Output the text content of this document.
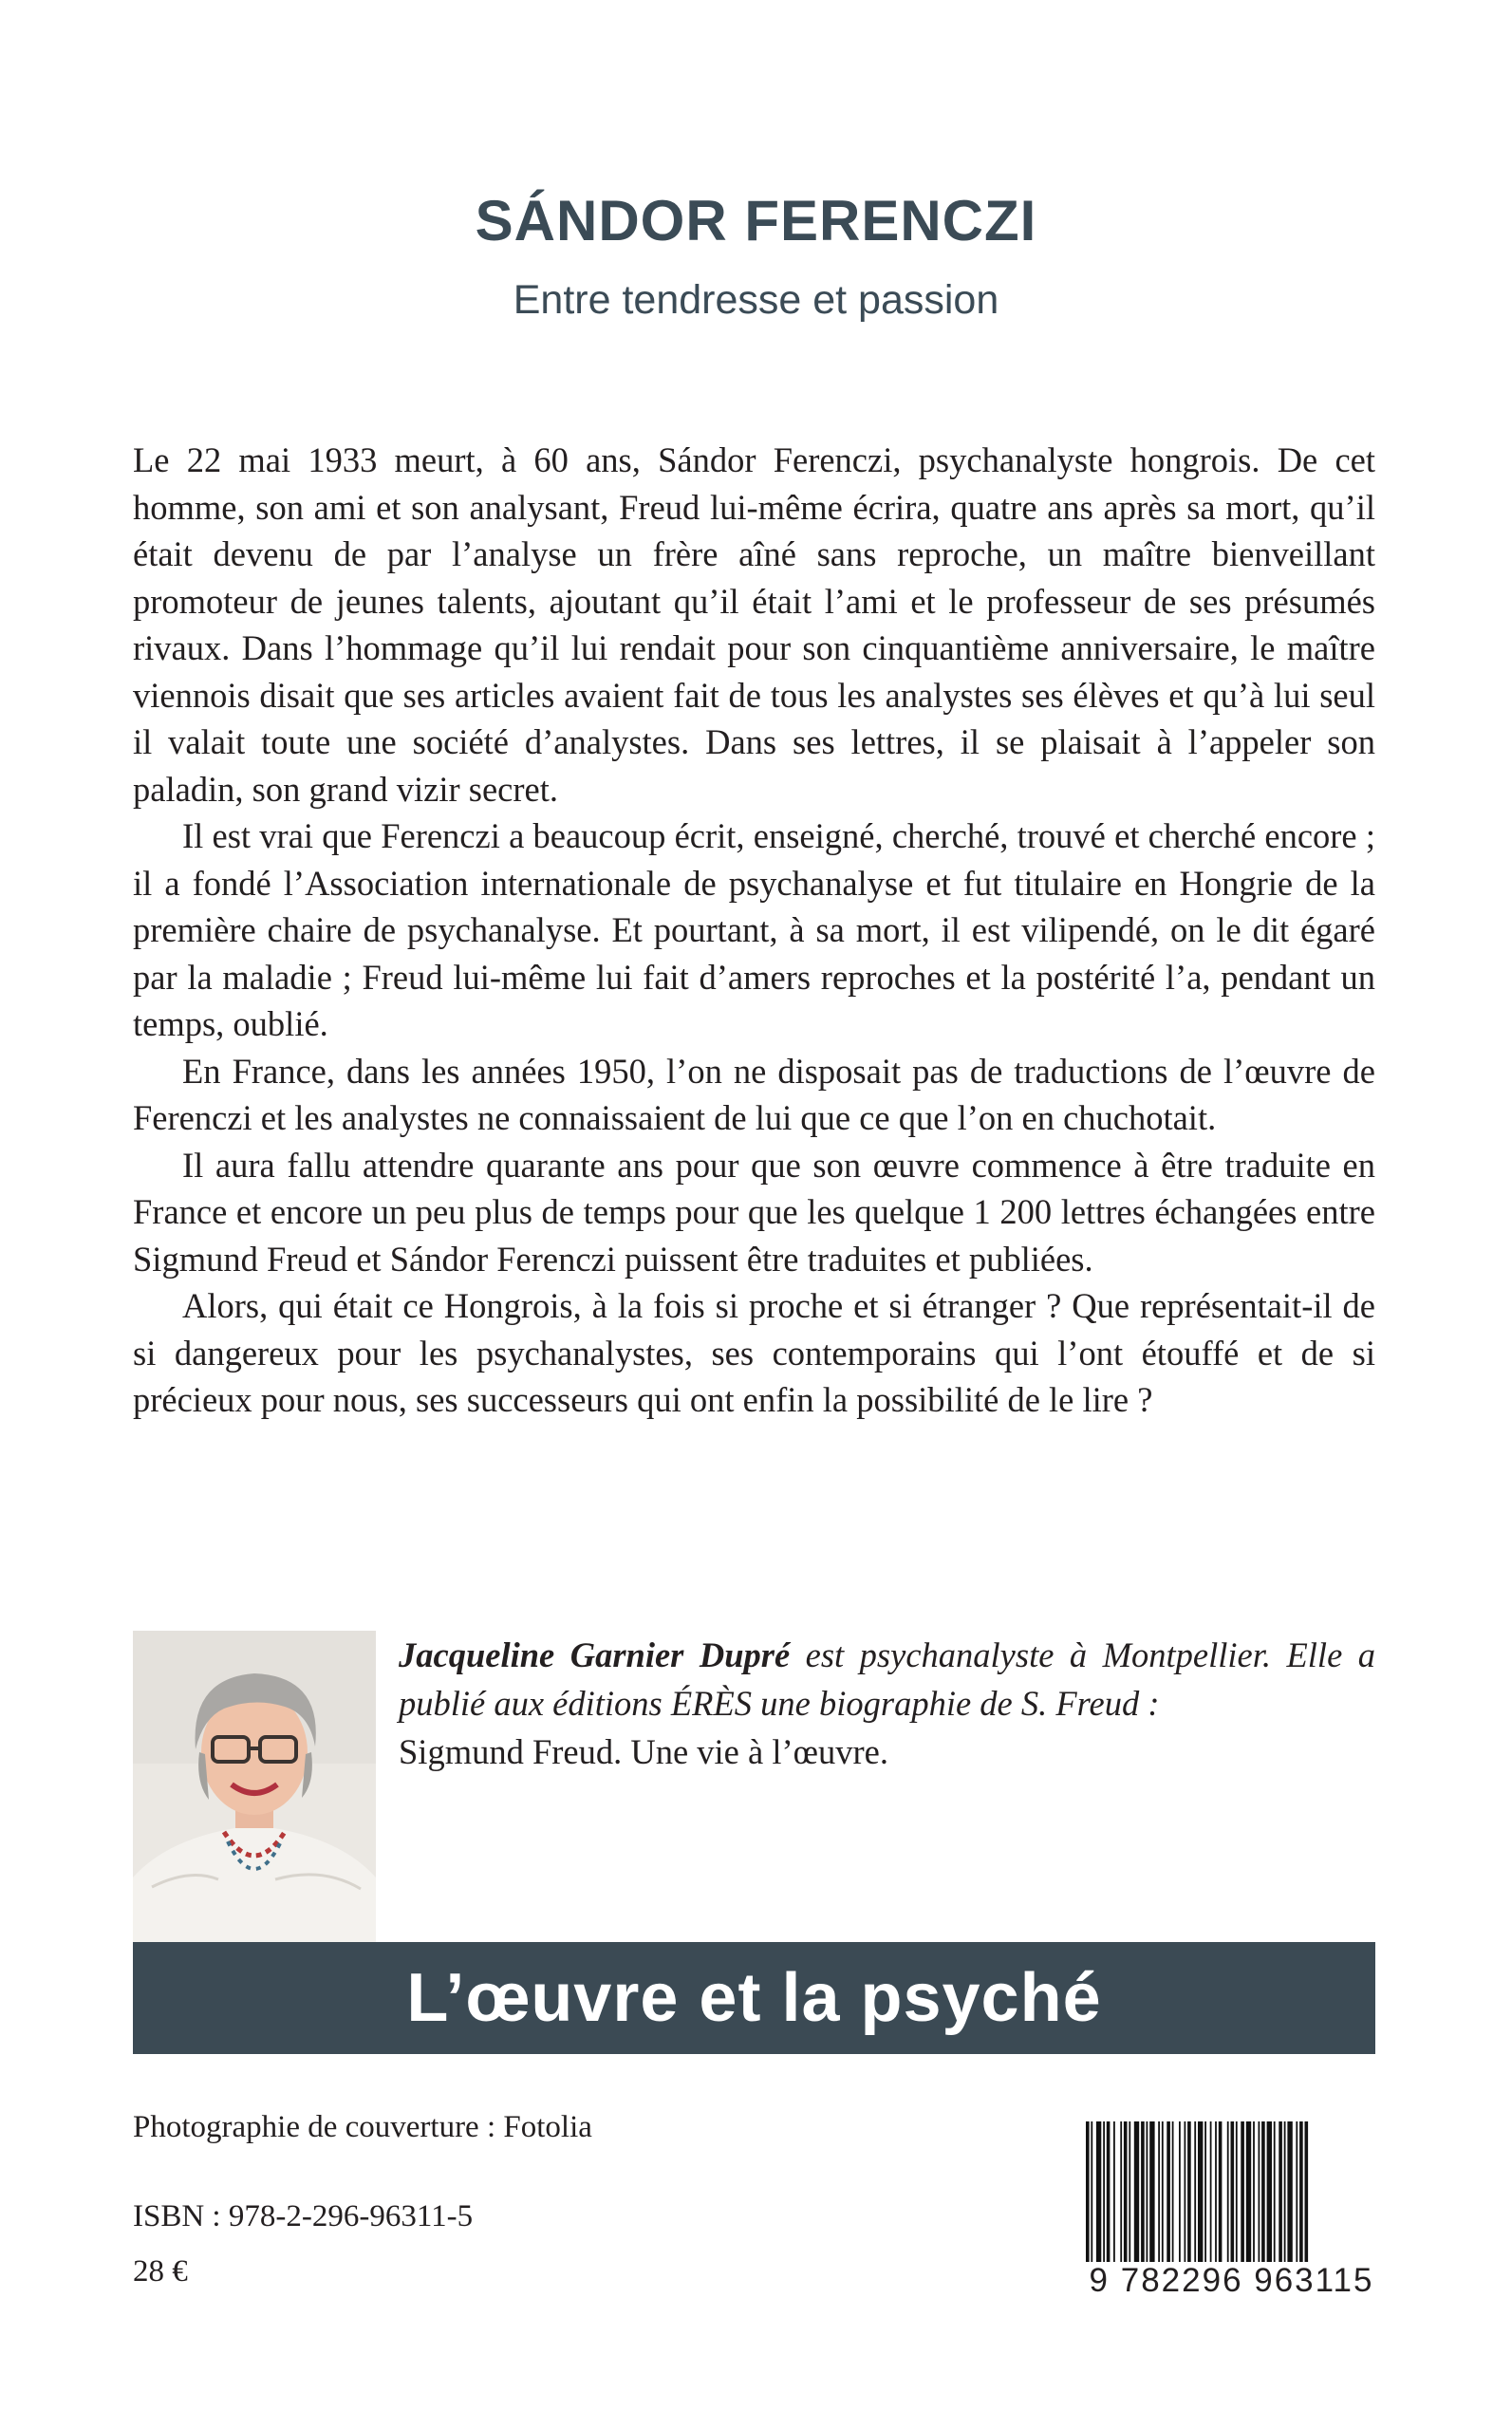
SÁNDOR FERENCZI
Entre tendresse et passion

Le 22 mai 1933 meurt, à 60 ans, Sándor Ferenczi, psychanalyste hongrois. De cet homme, son ami et son analysant, Freud lui-même écrira, quatre ans après sa mort, qu’il était devenu de par l’analyse un frère aîné sans reproche, un maître bienveillant promoteur de jeunes talents, ajoutant qu’il était l’ami et le professeur de ses présumés rivaux. Dans l’hommage qu’il lui rendait pour son cinquantième anniversaire, le maître viennois disait que ses articles avaient fait de tous les analystes ses élèves et qu’à lui seul il valait toute une société d’analystes. Dans ses lettres, il se plaisait à l’appeler son paladin, son grand vizir secret.

Il est vrai que Ferenczi a beaucoup écrit, enseigné, cherché, trouvé et cherché encore ; il a fondé l’Association internationale de psychanalyse et fut titulaire en Hongrie de la première chaire de psychanalyse. Et pourtant, à sa mort, il est vilipendé, on le dit égaré par la maladie ; Freud lui-même lui fait d’amers reproches et la postérité l’a, pendant un temps, oublié.

En France, dans les années 1950, l’on ne disposait pas de traductions de l’œuvre de Ferenczi et les analystes ne connaissaient de lui que ce que l’on en chuchotait.

Il aura fallu attendre quarante ans pour que son œuvre commence à être traduite en France et encore un peu plus de temps pour que les quelque 1 200 lettres échangées entre Sigmund Freud et Sándor Ferenczi puissent être traduites et publiées.

Alors, qui était ce Hongrois, à la fois si proche et si étranger ? Que représentait-il de si dangereux pour les psychanalystes, ses contemporains qui l’ont étouffé et de si précieux pour nous, ses successeurs qui ont enfin la possibilité de le lire ?

Jacqueline Garnier Dupré est psychanalyste à Montpellier. Elle a publié aux éditions ÉRÈS une biographie de S. Freud :
Sigmund Freud. Une vie à l’œuvre.
L’œuvre et la psyché
Photographie de couverture : Fotolia
ISBN : 978-2-296-96311-5
28 €	9 782296 963115
